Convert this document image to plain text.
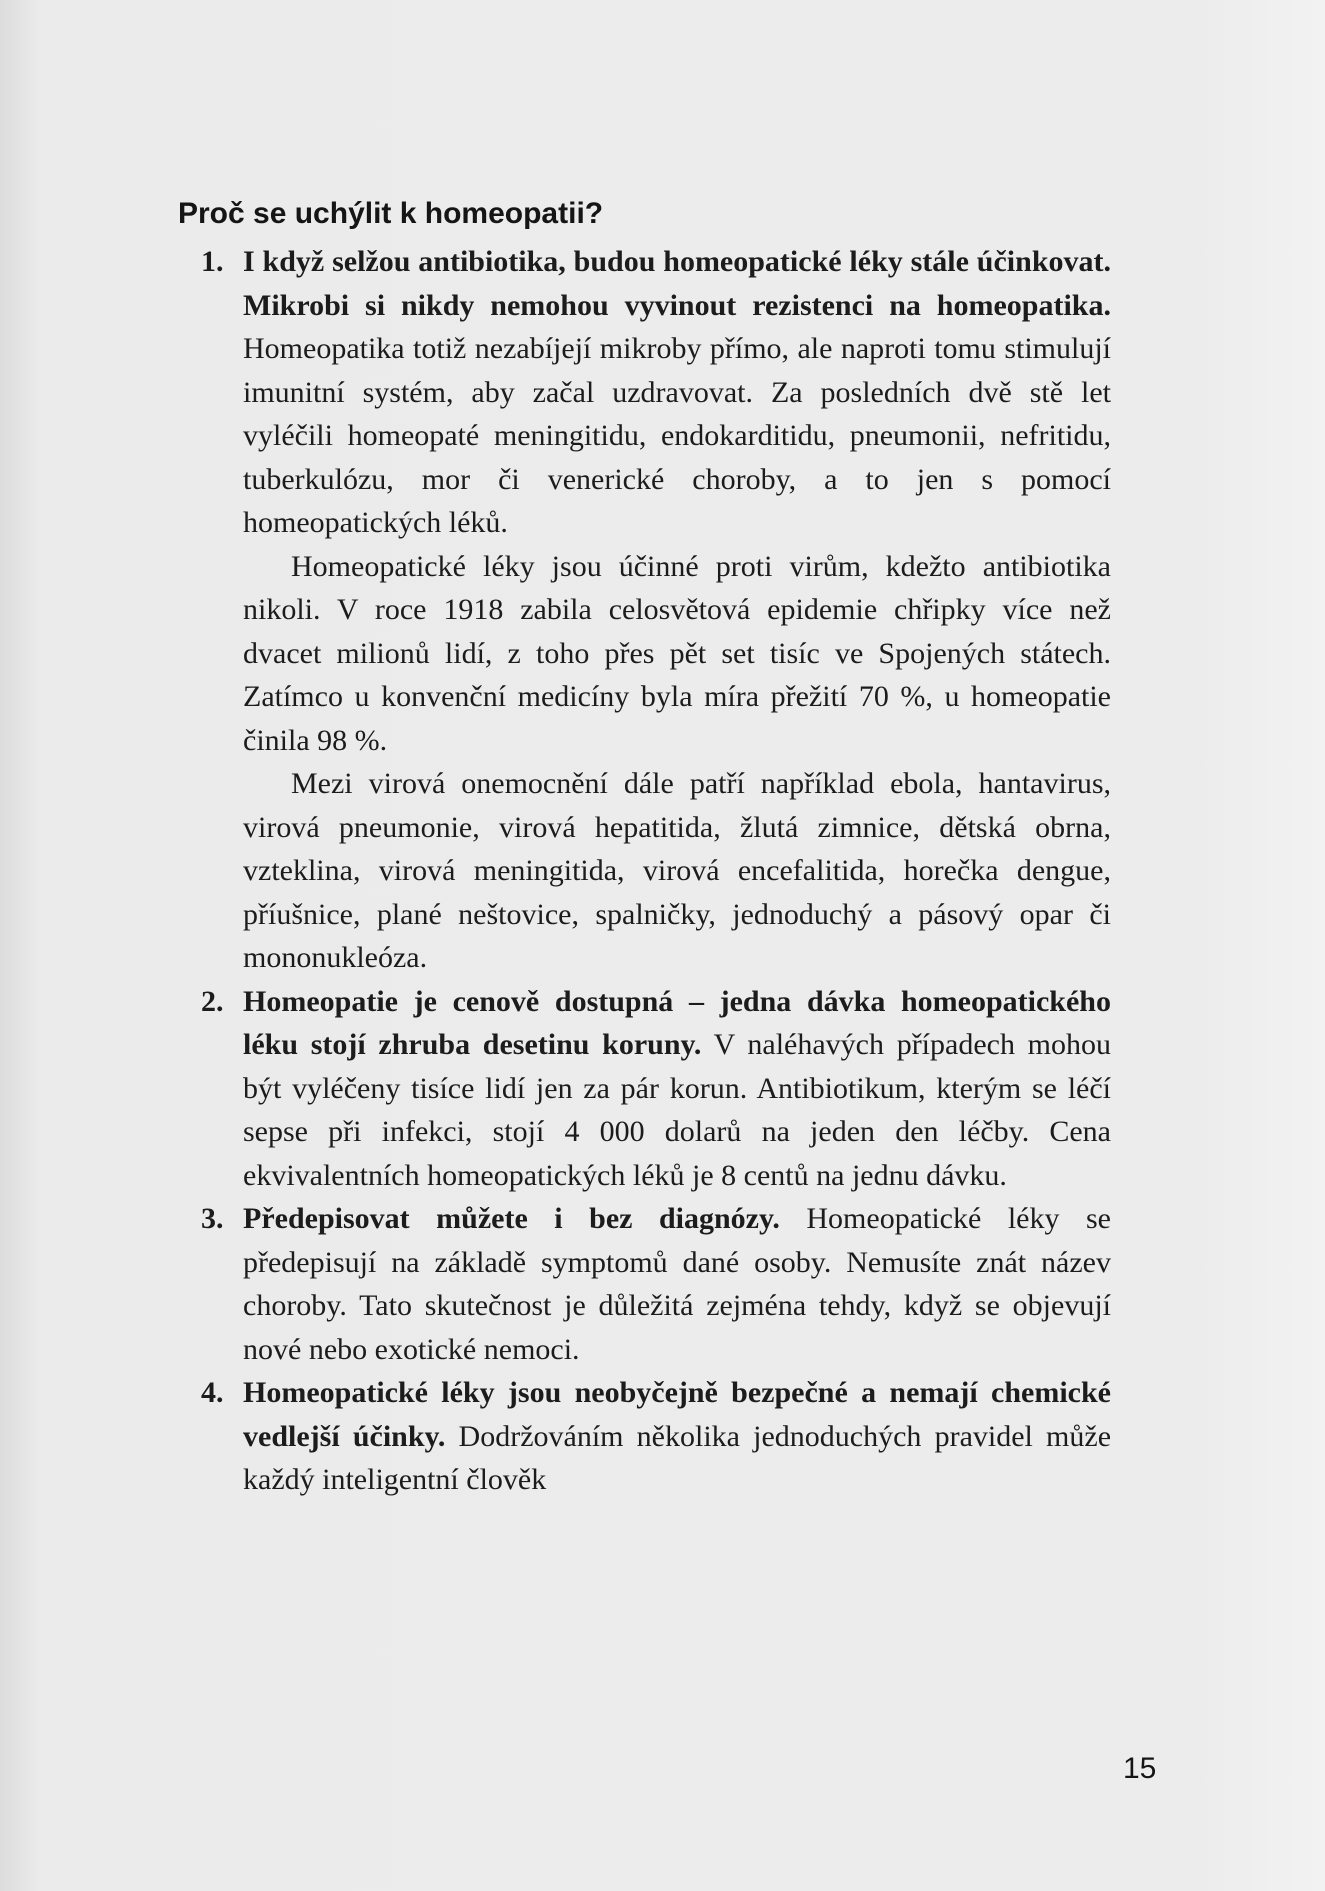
Proč se uchýlit k homeopatii?
1. I když selžou antibiotika, budou homeopatické léky stále účinkovat. Mikrobi si nikdy nemohou vyvinout rezistenci na homeopatika. Homeopatika totiž nezabíjejí mikroby přímo, ale naproti tomu stimulují imunitní systém, aby začal uzdravovat. Za posledních dvě stě let vyléčili homeopaté meningitidu, endokarditidu, pneumonii, nefritidu, tuberkulózu, mor či venerické choroby, a to jen s pomocí homeopatických léků.

Homeopatické léky jsou účinné proti virům, kdežto antibiotika nikoli. V roce 1918 zabila celosvětová epidemie chřipky více než dvacet milionů lidí, z toho přes pět set tisíc ve Spojených státech. Zatímco u konvenční medicíny byla míra přežití 70 %, u homeopatie činila 98 %.

Mezi virová onemocnění dále patří například ebola, hantavirus, virová pneumonie, virová hepatitida, žlutá zimnice, dětská obrna, vzteklina, virová meningitida, virová encefalitida, horečka dengue, příušnice, plané neštovice, spalničky, jednoduchý a pásový opar či mononukleóza.

2. Homeopatie je cenově dostupná – jedna dávka homeopatického léku stojí zhruba desetinu koruny. V naléhavých případech mohou být vyléčeny tisíce lidí jen za pár korun. Antibiotikum, kterým se léčí sepse při infekci, stojí 4 000 dolarů na jeden den léčby. Cena ekvivalentních homeopatických léků je 8 centů na jednu dávku.

3. Předepisovat můžete i bez diagnózy. Homeopatické léky se předepisují na základě symptomů dané osoby. Nemusíte znát název choroby. Tato skutečnost je důležitá zejména tehdy, když se objevují nové nebo exotické nemoci.

4. Homeopatické léky jsou neobyčejně bezpečné a nemají chemické vedlejší účinky. Dodržováním několika jednoduchých pravidel může každý inteligentní člověk

15
